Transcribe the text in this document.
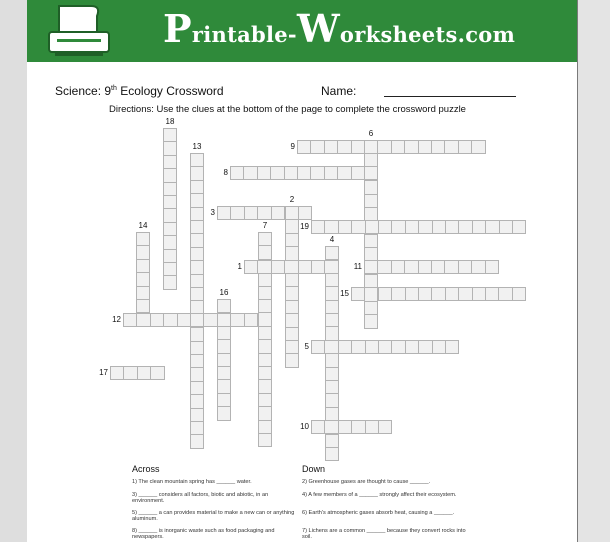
Printable-Worksheets.com
Science: 9th Ecology Crossword	Name:
Directions: Use the clues at the bottom of the page to complete the crossword puzzle
18
13	9
6
8
3
2
14	7	19
4
1	11
15
16
12
5
17
10
Across	Down
1) The clean mountain spring has ______ water.
3) ______ considers all factors, biotic and abiotic, in an environment.
5) ______ a can provides material to make a new can or anything aluminum.
8) ______ is inorganic waste such as food packaging and newspapers.
2) Greenhouse gases are thought to cause ______.
4) A few members of a ______ strongly affect their ecosystem.
6) Earth's atmospheric gases absorb heat, causing a ______.
7) Lichens are a common ______ because they convert rocks into soil.
